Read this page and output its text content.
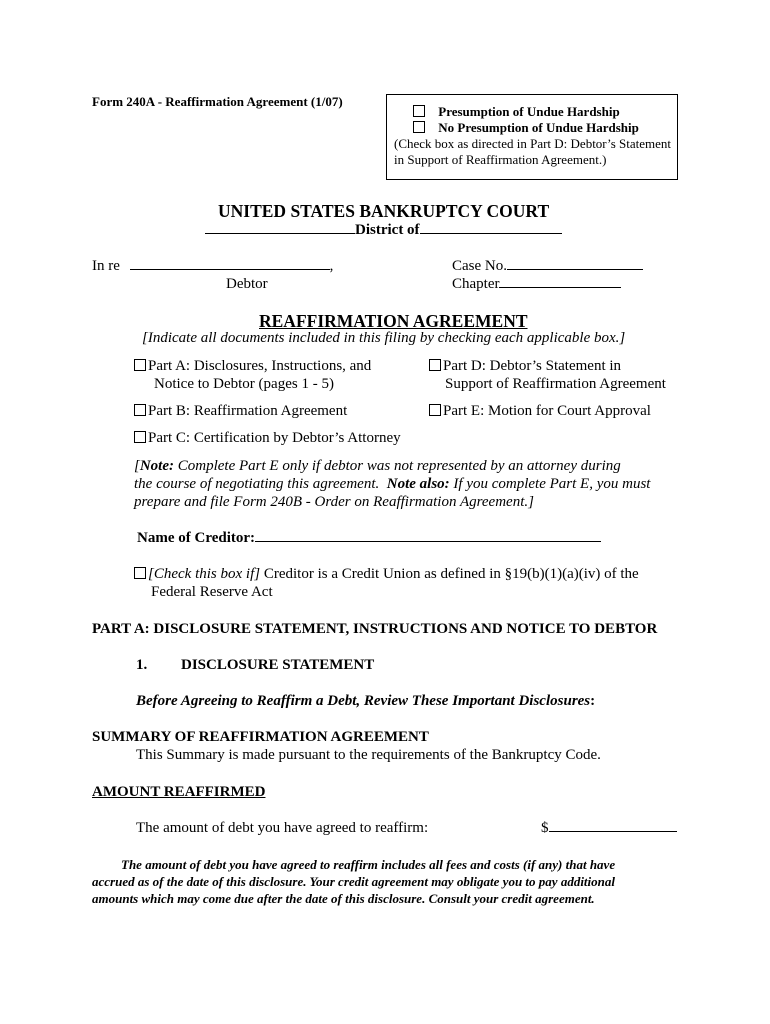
Form 240A - Reaffirmation Agreement (1/07)
Presumption of Undue Hardship
No Presumption of Undue Hardship
(Check box as directed in Part D: Debtor’s Statement
in Support of Reaffirmation Agreement.)
UNITED STATES BANKRUPTCY COURT
District of
In re	,
Debtor
Case No.
Chapter
REAFFIRMATION AGREEMENT
[Indicate all documents included in this filing by checking each applicable box.]
Part A: Disclosures, Instructions, and
Notice to Debtor (pages 1 - 5)
Part D: Debtor’s Statement in
Support of Reaffirmation Agreement
Part B: Reaffirmation Agreement	Part E: Motion for Court Approval
Part C: Certification by Debtor’s Attorney
[Note: Complete Part E only if debtor was not represented by an attorney during
the course of negotiating this agreement. Note also: If you complete Part E, you must
prepare and file Form 240B - Order on Reaffirmation Agreement.]
Name of Creditor:
[Check this box if] Creditor is a Credit Union as defined in §19(b)(1)(a)(iv) of the
Federal Reserve Act
PART A: DISCLOSURE STATEMENT, INSTRUCTIONS AND NOTICE TO DEBTOR
1. DISCLOSURE STATEMENT
Before Agreeing to Reaffirm a Debt, Review These Important Disclosures:
SUMMARY OF REAFFIRMATION AGREEMENT
This Summary is made pursuant to the requirements of the Bankruptcy Code.
AMOUNT REAFFIRMED
The amount of debt you have agreed to reaffirm:	$
The amount of debt you have agreed to reaffirm includes all fees and costs (if any) that have
accrued as of the date of this disclosure. Your credit agreement may obligate you to pay additional
amounts which may come due after the date of this disclosure. Consult your credit agreement.
